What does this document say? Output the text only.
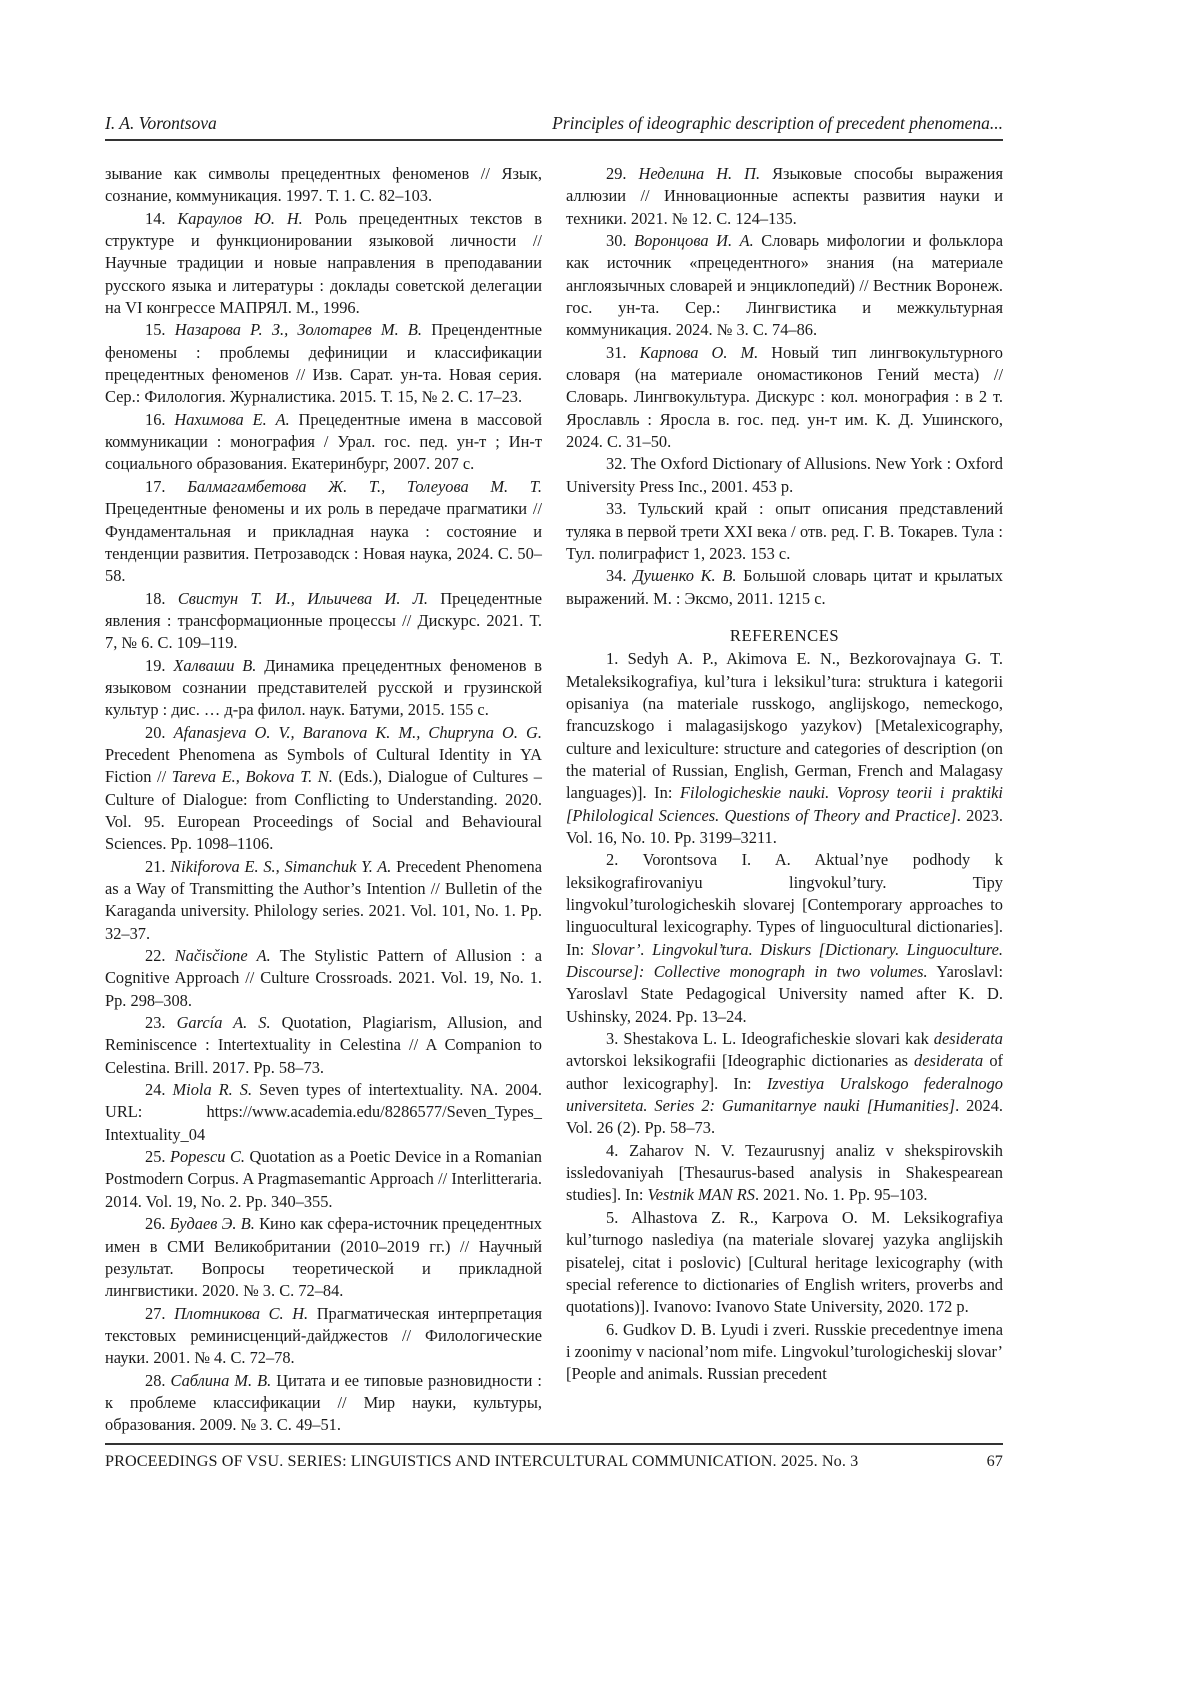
I. A. Vorontsova	Principles of ideographic description of precedent phenomena...

зывание как символы прецедентных феноменов // Язык, сознание, коммуникация. 1997. Т. 1. С. 82–103.

14. Караулов Ю. Н. Роль прецедентных текстов в структуре и функционировании языковой личности // Научные традиции и новые направления в преподавании русского языка и литературы : доклады советской делегации на VI конгрессе МАПРЯЛ. М., 1996.

15. Назарова Р. З., Золотарев М. В. Прецендентные феномены : проблемы дефиниции и классификации прецедентных феноменов // Изв. Сарат. ун-та. Новая серия. Сер.: Филология. Журналистика. 2015. Т. 15, № 2. С. 17–23.

16. Нахимова Е. А. Прецедентные имена в массовой коммуникации : монография / Урал. гос. пед. ун-т ; Ин-т социального образования. Екатеринбург, 2007. 207 с.

17. Балмагамбетова Ж. Т., Толеуова М. Т. Прецедентные феномены и их роль в передаче прагматики // Фундаментальная и прикладная наука : состояние и тенденции развития. Петрозаводск : Новая наука, 2024. С. 50–58.

18. Свистун Т. И., Ильичева И. Л. Прецедентные явления : трансформационные процессы // Дискурс. 2021. Т. 7, № 6. С. 109–119.

19. Халваши В. Динамика прецедентных феноменов в языковом сознании представителей русской и грузинской культур : дис. … д-ра филол. наук. Батуми, 2015. 155 с.

20. Afanasjeva O. V., Baranova K. M., Chupryna O. G. Precedent Phenomena as Symbols of Cultural Identity in YA Fiction // Tareva E., Bokova T. N. (Eds.), Dialogue of Cultures – Culture of Dialogue: from Conflicting to Understanding. 2020. Vol. 95. European Proceedings of Social and Behavioural Sciences. Pp. 1098–1106.

21. Nikiforova E. S., Simanchuk Y. A. Precedent Phenomena as a Way of Transmitting the Author’s Intention // Bulletin of the Karaganda university. Philology series. 2021. Vol. 101, No. 1. Pp. 32–37.

22. Načisčione A. The Stylistic Pattern of Allusion : a Cognitive Approach // Culture Crossroads. 2021. Vol. 19, No. 1. Pp. 298–308.

23. García A. S. Quotation, Plagiarism, Allusion, and Reminiscence : Intertextuality in Celestina // A Companion to Celestina. Brill. 2017. Pp. 58–73.

24. Miola R. S. Seven types of intertextuality. NA. 2004. URL: https://www.academia.edu/8286577/Seven_Types_ Intextuality_04

25. Popescu C. Quotation as a Poetic Device in a Romanian Postmodern Corpus. A Pragmasemantic Approach // Interlitteraria. 2014. Vol. 19, No. 2. Pp. 340–355.

26. Будаев Э. В. Кино как сфера-источник прецедентных имен в СМИ Великобритании (2010–2019 гг.) // Научный результат. Вопросы теоретической и прикладной лингвистики. 2020. № 3. С. 72–84.

27. Плотникова С. Н. Прагматическая интерпретация текстовых реминисценций-дайджестов // Филологические науки. 2001. № 4. С. 72–78.

28. Саблина М. В. Цитата и ее типовые разновидности : к проблеме классификации // Мир науки, культуры, образования. 2009. № 3. С. 49–51.

29. Неделина Н. П. Языковые способы выражения аллюзии // Инновационные аспекты развития науки и техники. 2021. № 12. С. 124–135.

30. Воронцова И. А. Словарь мифологии и фольклора как источник «прецедентного» знания (на материале англоязычных словарей и энциклопедий) // Вестник Воронеж. гос. ун-та. Сер.: Лингвистика и межкультурная коммуникация. 2024. № 3. С. 74–86.

31. Карпова О. М. Новый тип лингвокультурного словаря (на материале ономастиконов Гений места) // Словарь. Лингвокультура. Дискурс : кол. монография : в 2 т. Ярославль : Яросла в. гос. пед. ун-т им. К. Д. Ушинского, 2024. С. 31–50.

32. The Oxford Dictionary of Allusions. New York : Oxford University Press Inc., 2001. 453 p.

33. Тульский край : опыт описания представлений туляка в первой трети XXI века / отв. ред. Г. В. Токарев. Тула : Тул. полиграфист 1, 2023. 153 с.

34. Душенко К. В. Большой словарь цитат и крылатых выражений. М. : Эксмо, 2011. 1215 с.

REFERENCES

1. Sedyh A. P., Akimova E. N., Bezkorovajnaya G. T. Metaleksikografiya, kul’tura i leksikul’tura: struktura i kategorii opisaniya (na materiale russkogo, anglijskogo, nemeckogo, francuzskogo i malagasijskogo yazykov) [Metalexicography, culture and lexiculture: structure and categories of description (on the material of Russian, English, German, French and Malagasy languages)]. In: Filologicheskie nauki. Voprosy teorii i praktiki [Philological Sciences. Questions of Theory and Practice]. 2023. Vol. 16, No. 10. Pp. 3199–3211.

2. Vorontsova I. A. Aktual’nye podhody k leksikografirovaniyu lingvokul’tury. Tipy lingvokul’turologicheskih slovarej [Contemporary approaches to linguocultural lexicography. Types of linguocultural dictionaries]. In: Slovar’. Lingvokul’tura. Diskurs [Dictionary. Linguoculture. Discourse]: Collective monograph in two volumes. Yaroslavl: Yaroslavl State Pedagogical University named after K. D. Ushinsky, 2024. Pp. 13–24.

3. Shestakova L. L. Ideograficheskie slovari kak desiderata avtorskoi leksikografii [Ideographic dictionaries as desiderata of author lexicography]. In: Izvestiya Uralskogo federalnogo universiteta. Series 2: Gumanitarnye nauki [Humanities]. 2024. Vol. 26 (2). Pp. 58–73.

4. Zaharov N. V. Tezaurusnyj analiz v shekspirovskih issledovaniyah [Thesaurus-based analysis in Shakespearean studies]. In: Vestnik MAN RS. 2021. No. 1. Pp. 95–103.

5. Alhastova Z. R., Karpova O. M. Leksikografiya kul’turnogo naslediya (na materiale slovarej yazyka anglijskih pisatelej, citat i poslovic) [Cultural heritage lexicography (with special reference to dictionaries of English writers, proverbs and quotations)]. Ivanovo: Ivanovo State University, 2020. 172 p.

6. Gudkov D. B. Lyudi i zveri. Russkie precedentnye imena i zoonimy v nacional’nom mife. Lingvokul’turologicheskij slovar’ [People and animals. Russian precedent

PROCEEDINGS OF VSU. SERIES: LINGUISTICS AND INTERCULTURAL COMMUNICATION. 2025. No. 3	67
